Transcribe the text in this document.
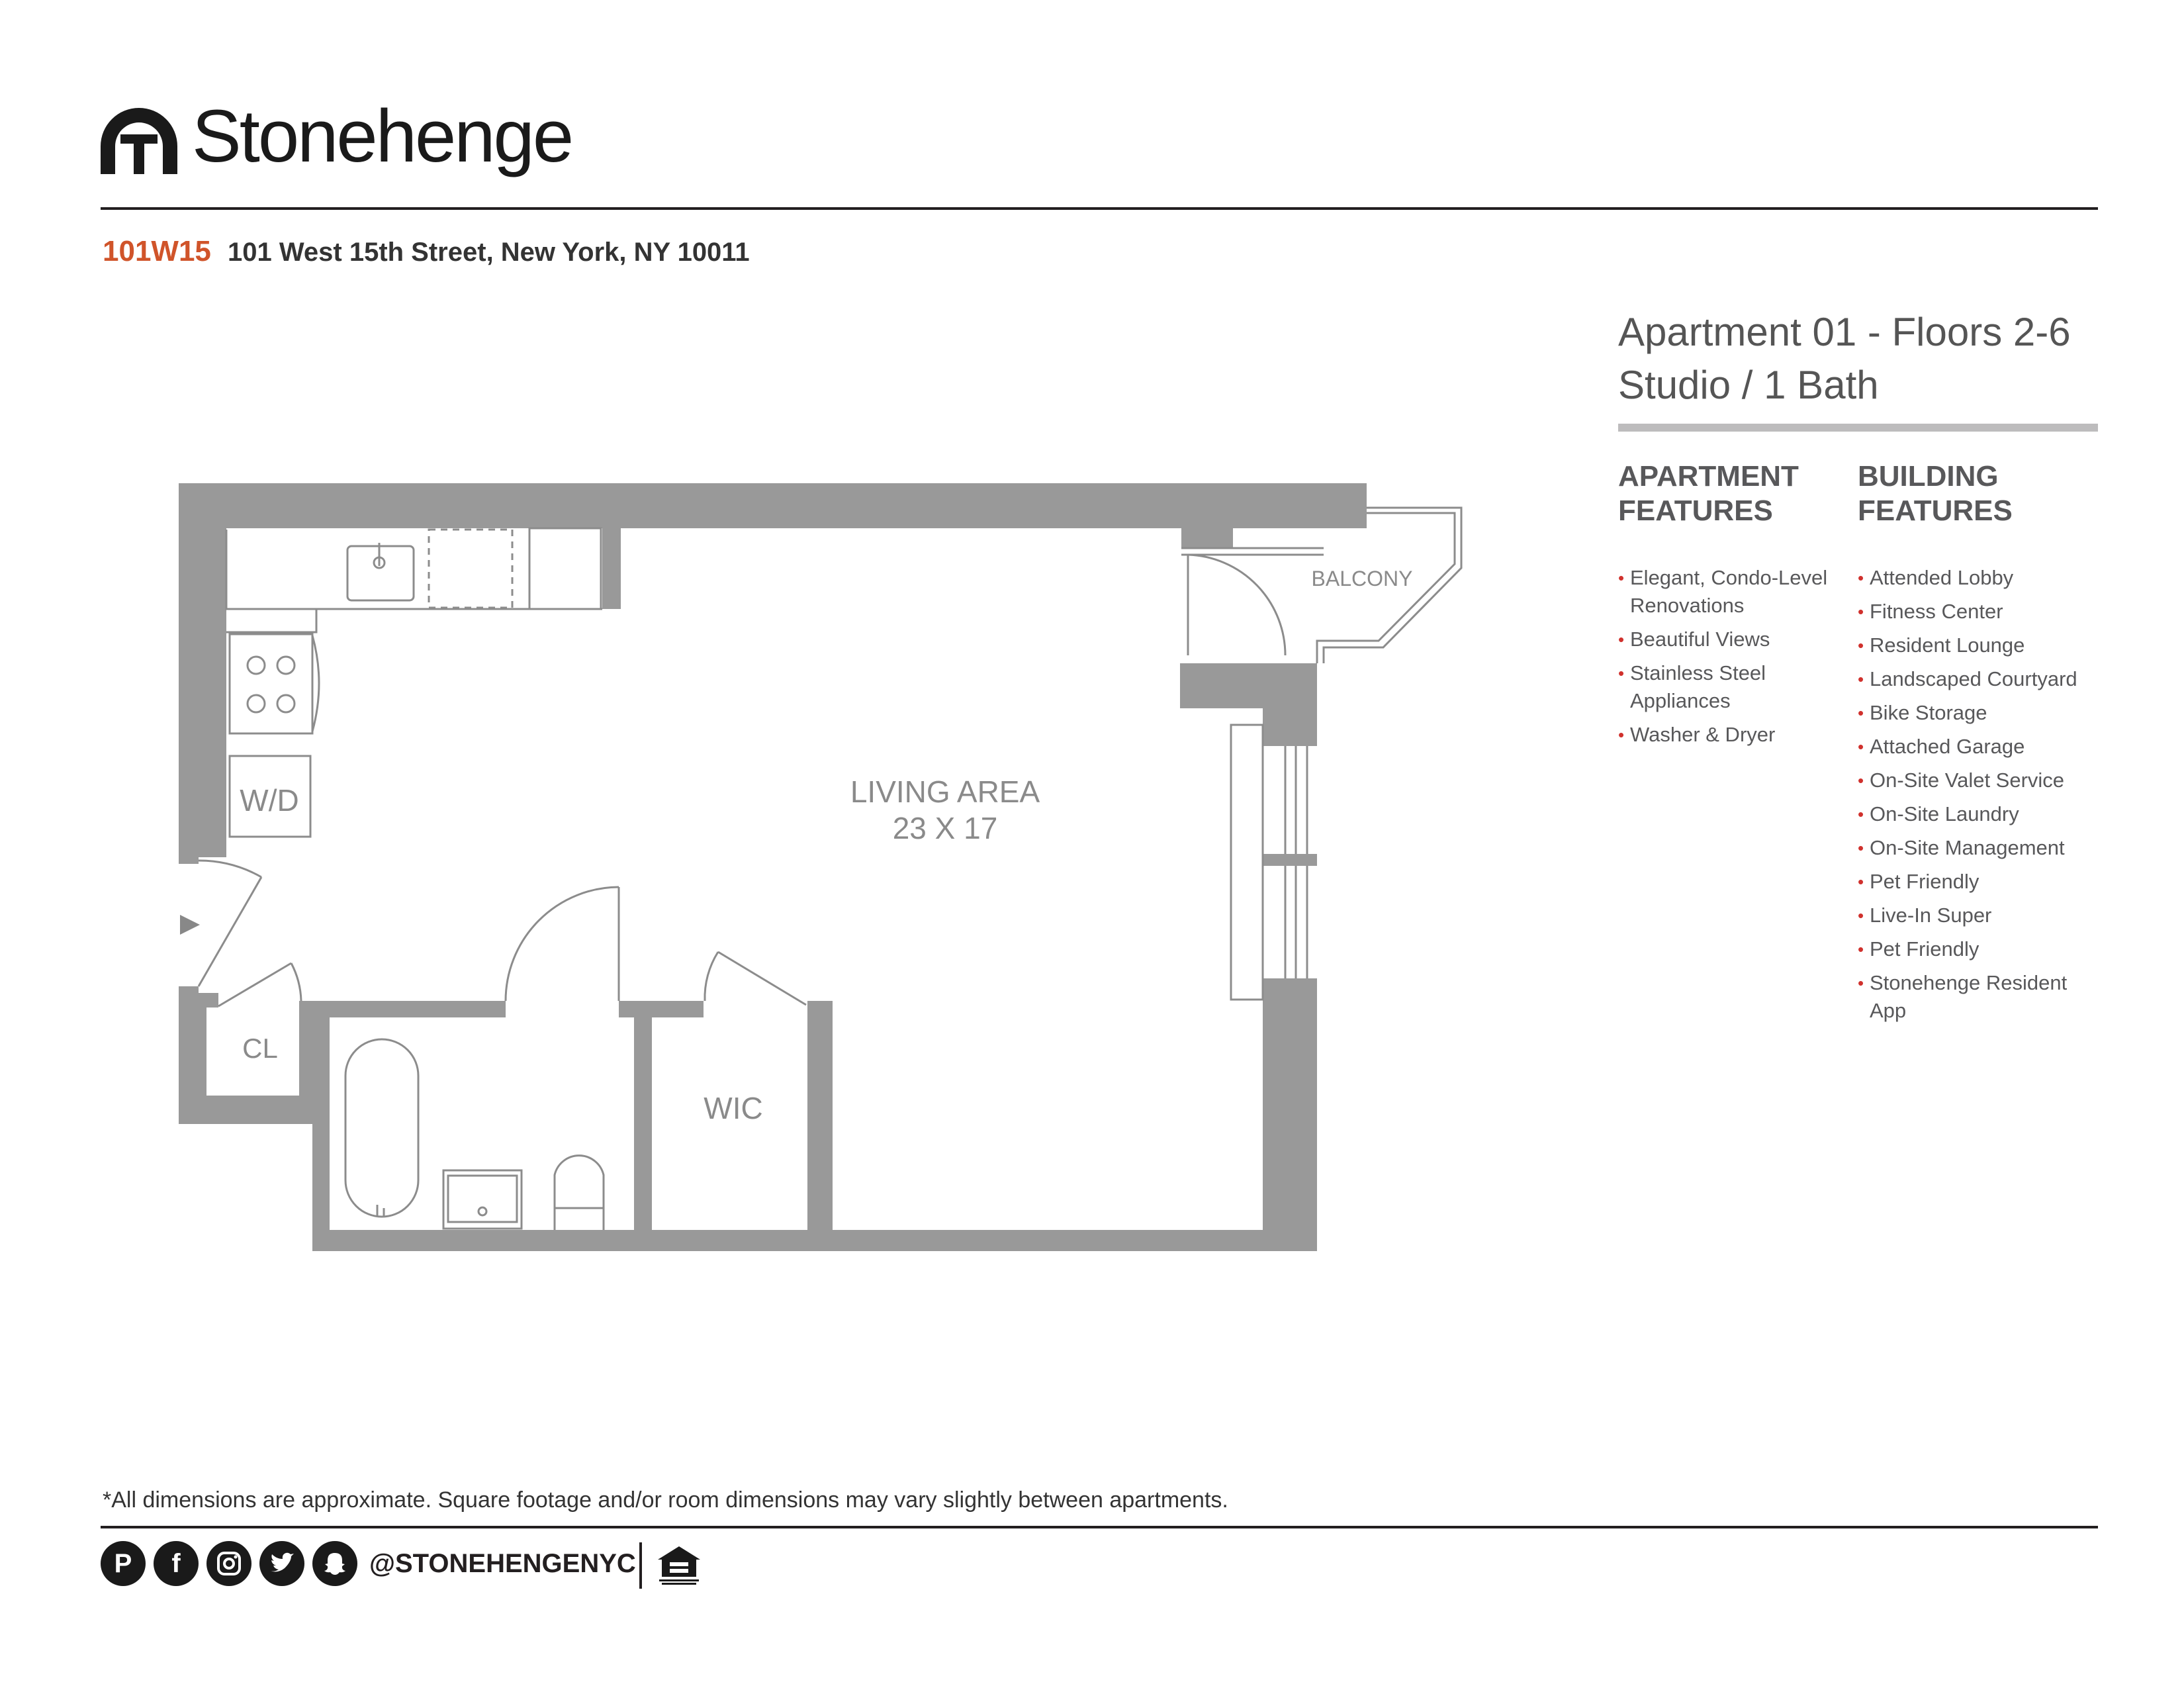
Stonehenge
101W15 101 West 15th Street, New York, NY 10011
Apartment 01 - Floors 2-6
Studio / 1 Bath
APARTMENT
FEATURES
• Elegant, Condo-Level Renovations
• Beautiful Views
• Stainless Steel Appliances
• Washer & Dryer
BUILDING
FEATURES
• Attended Lobby
• Fitness Center
• Resident Lounge
• Landscaped Courtyard
• Bike Storage
• Attached Garage
• On-Site Valet Service
• On-Site Laundry
• On-Site Management
• Pet Friendly
• Live-In Super
• Pet Friendly
• Stonehenge Resident App
LIVING AREA
23 X 17
BALCONY
W/D
CL
WIC
*All dimensions are approximate. Square footage and/or room dimensions may vary slightly between apartments.
P	f	@STONEHENGENYC
